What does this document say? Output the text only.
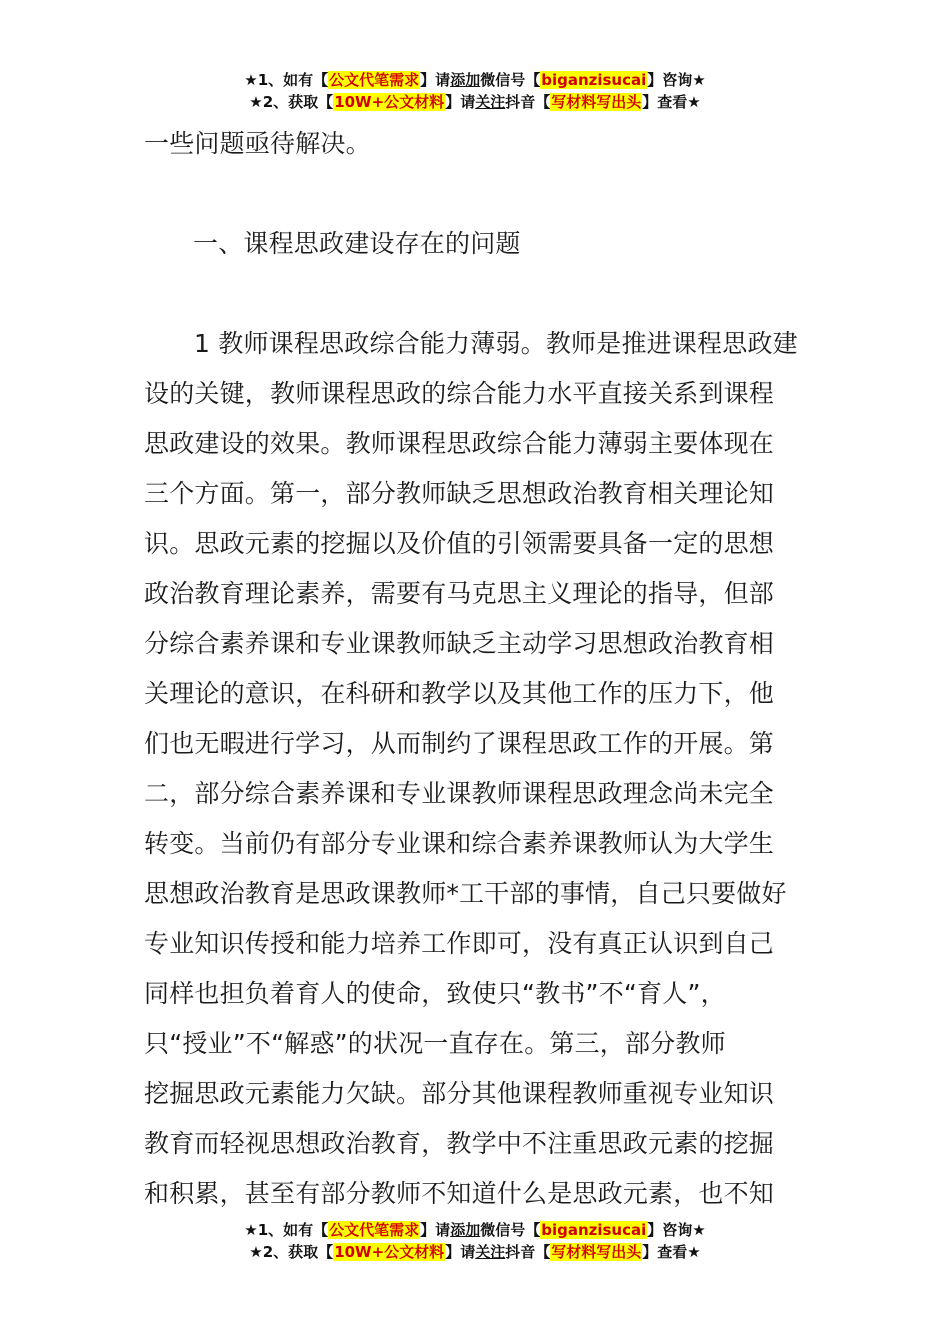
★1、如有【公文代笔需求】请添加微信号【biganzisucai】咨询★
★2、获取【10W+公文材料】请关注抖音【写材料写出头】查看★
一些问题亟待解决。
一、课程思政建设存在的问题
1 教师课程思政综合能力薄弱。教师是推进课程思政建
设的关键，教师课程思政的综合能力水平直接关系到课程
思政建设的效果。教师课程思政综合能力薄弱主要体现在
三个方面。第一，部分教师缺乏思想政治教育相关理论知
识。思政元素的挖掘以及价值的引领需要具备一定的思想
政治教育理论素养，需要有马克思主义理论的指导，但部
分综合素养课和专业课教师缺乏主动学习思想政治教育相
关理论的意识，在科研和教学以及其他工作的压力下，他
们也无暇进行学习，从而制约了课程思政工作的开展。第
二，部分综合素养课和专业课教师课程思政理念尚未完全
转变。当前仍有部分专业课和综合素养课教师认为大学生
思想政治教育是思政课教师*工干部的事情，自己只要做好
专业知识传授和能力培养工作即可，没有真正认识到自己
同样也担负着育人的使命，致使只“教书”不“育人”，
只“授业”不“解惑”的状况一直存在。第三，部分教师
挖掘思政元素能力欠缺。部分其他课程教师重视专业知识
教育而轻视思想政治教育，教学中不注重思政元素的挖掘
和积累，甚至有部分教师不知道什么是思政元素，也不知
★1、如有【公文代笔需求】请添加微信号【biganzisucai】咨询★
★2、获取【10W+公文材料】请关注抖音【写材料写出头】查看★
